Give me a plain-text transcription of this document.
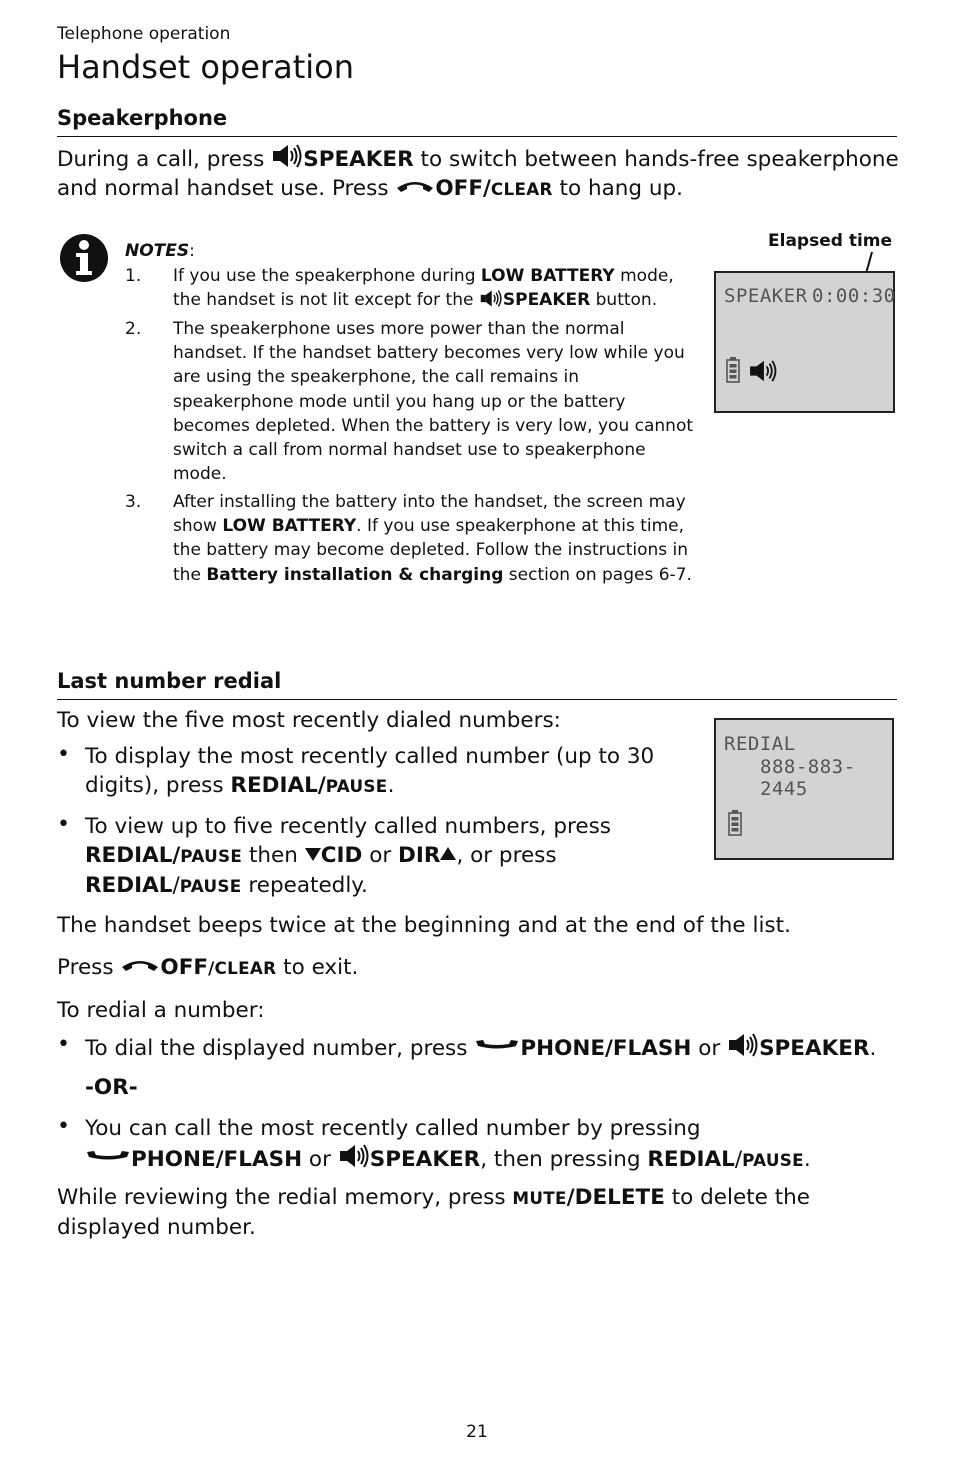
Telephone operation
Handset operation
Speakerphone
During a call, press SPEAKER to switch between hands-free speakerphone
and normal handset use. Press OFF/CLEAR to hang up.
NOTES:
1. If you use the speakerphone during LOW BATTERY mode,
the handset is not lit except for the SPEAKER button.
2. The speakerphone uses more power than the normal
handset. If the handset battery becomes very low while you
are using the speakerphone, the call remains in
speakerphone mode until you hang up or the battery
becomes depleted. When the battery is very low, you cannot
switch a call from normal handset use to speakerphone
mode.
3. After installing the battery into the handset, the screen may
show LOW BATTERY. If you use speakerphone at this time,
the battery may become depleted. Follow the instructions in
the Battery installation & charging section on pages 6-7.
Elapsed time
SPEAKER 0:00:30
Last number redial
To view the five most recently dialed numbers:
REDIAL
888-883-2445
• To display the most recently called number (up to 30
digits), press REDIAL/PAUSE.
• To view up to five recently called numbers, press
REDIAL/PAUSE then CID or DIR , or press
REDIAL/PAUSE repeatedly.
The handset beeps twice at the beginning and at the end of the list.
Press OFF/CLEAR to exit.
To redial a number:
• To dial the displayed number, press PHONE/FLASH or SPEAKER.
-OR-
• You can call the most recently called number by pressing
PHONE/FLASH or SPEAKER, then pressing REDIAL/PAUSE.
While reviewing the redial memory, press MUTE/DELETE to delete the
displayed number.
21
